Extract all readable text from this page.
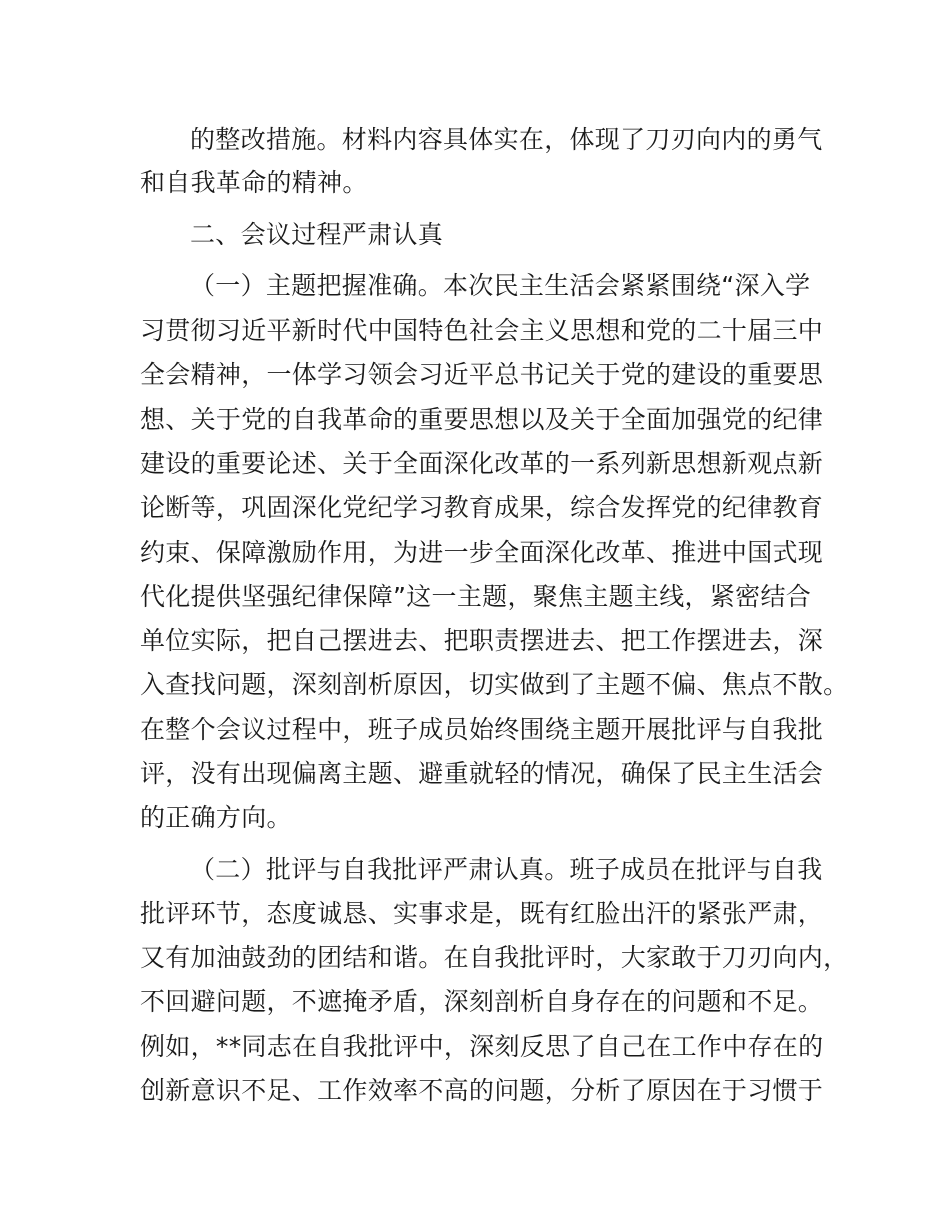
的整改措施。材料内容具体实在，体现了刀刃向内的勇气
和自我革命的精神。
二、会议过程严肃认真
（一）主题把握准确。本次民主生活会紧紧围绕“深入学
习贯彻习近平新时代中国特色社会主义思想和党的二十届三中
全会精神，一体学习领会习近平总书记关于党的建设的重要思
想、关于党的自我革命的重要思想以及关于全面加强党的纪律
建设的重要论述、关于全面深化改革的一系列新思想新观点新
论断等，巩固深化党纪学习教育成果，综合发挥党的纪律教育
约束、保障激励作用，为进一步全面深化改革、推进中国式现
代化提供坚强纪律保障”这一主题，聚焦主题主线，紧密结合
单位实际，把自己摆进去、把职责摆进去、把工作摆进去，深
入查找问题，深刻剖析原因，切实做到了主题不偏、焦点不散。
在整个会议过程中，班子成员始终围绕主题开展批评与自我批
评，没有出现偏离主题、避重就轻的情况，确保了民主生活会
的正确方向。
（二）批评与自我批评严肃认真。班子成员在批评与自我
批评环节，态度诚恳、实事求是，既有红脸出汗的紧张严肃，
又有加油鼓劲的团结和谐。在自我批评时，大家敢于刀刃向内，
不回避问题，不遮掩矛盾，深刻剖析自身存在的问题和不足。
例如，**同志在自我批评中，深刻反思了自己在工作中存在的
创新意识不足、工作效率不高的问题，分析了原因在于习惯于
